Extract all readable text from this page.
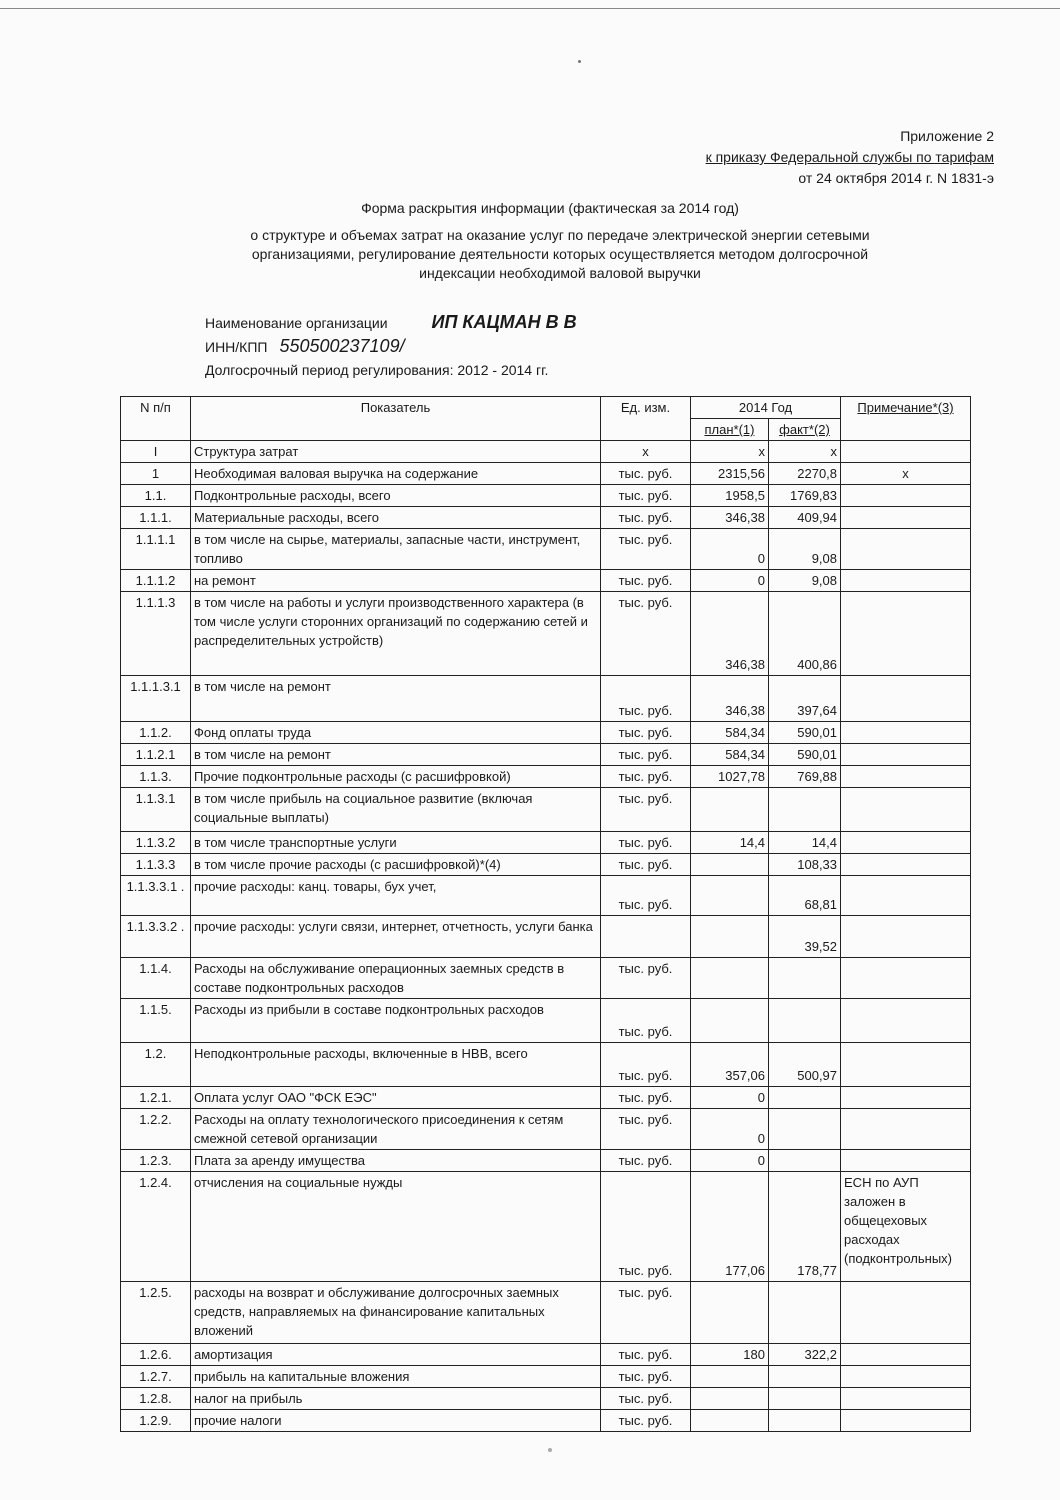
Приложение 2
к приказу Федеральной службы по тарифам
от 24 октября 2014 г. N 1831-э
Форма раскрытия информации (фактическая за 2014 год)
о структуре и объемах затрат на оказание услуг по передаче электрической энергии сетевыми
организациями, регулирование деятельности которых осуществляется методом долгосрочной
индексации необходимой валовой выручки
Наименование организации ИП КАЦМАН В В
ИНН/КПП 550500237109/
Долгосрочный период регулирования: 2012 - 2014 гг.
N п/п	Показатель	Ед. изм.	2014 Год		Примечание*(3)
			план*(1)	факт*(2)	
I	Структура затрат	х	х	х	
1	Необходимая валовая выручка на содержание	тыс. руб.	2315,56	2270,8	х
1.1.	Подконтрольные расходы, всего	тыс. руб.	1958,5	1769,83	
1.1.1.	Материальные расходы, всего	тыс. руб.	346,38	409,94	
1.1.1.1	в том числе на сырье, материалы, запасные части, инструмент, топливо	тыс. руб.	0	9,08	
1.1.1.2	на ремонт	тыс. руб.	0	9,08	
1.1.1.3	в том числе на работы и услуги производственного характера (в том числе услуги сторонних организаций по содержанию сетей и распределительных устройств)	тыс. руб.	346,38	400,86	
1.1.1.3.1	в том числе на ремонт	тыс. руб.	346,38	397,64	
1.1.2.	Фонд оплаты труда	тыс. руб.	584,34	590,01	
1.1.2.1	в том числе на ремонт	тыс. руб.	584,34	590,01	
1.1.3.	Прочие подконтрольные расходы (с расшифровкой)	тыс. руб.	1027,78	769,88	
1.1.3.1	в том числе прибыль на социальное развитие (включая социальные выплаты)	тыс. руб.			
1.1.3.2	в том числе транспортные услуги	тыс. руб.	14,4	14,4	
1.1.3.3	в том числе прочие расходы (с расшифровкой)*(4)	тыс. руб.		108,33	
1.1.3.3.1 .	прочие расходы: канц. товары, бух учет,	тыс. руб.		68,81	
1.1.3.3.2 .	прочие расходы: услуги связи, интернет, отчетность, услуги банка			39,52	
1.1.4.	Расходы на обслуживание операционных заемных средств в составе подконтрольных расходов	тыс. руб.			
1.1.5.	Расходы из прибыли в составе подконтрольных расходов	тыс. руб.			
1.2.	Неподконтрольные расходы, включенные в НВВ, всего	тыс. руб.	357,06	500,97	
1.2.1.	Оплата услуг ОАО "ФСК ЕЭС"	тыс. руб.	0		
1.2.2.	Расходы на оплату технологического присоединения к сетям смежной сетевой организации	тыс. руб.	0		
1.2.3.	Плата за аренду имущества	тыс. руб.	0		
1.2.4.	отчисления на социальные нужды	тыс. руб.	177,06	178,77	ЕСН по АУП заложен в общецеховых расходах (подконтрольных)
1.2.5.	расходы на возврат и обслуживание долгосрочных заемных средств, направляемых на финансирование капитальных вложений	тыс. руб.			
1.2.6.	амортизация	тыс. руб.	180	322,2	
1.2.7.	прибыль на капитальные вложения	тыс. руб.			
1.2.8.	налог на прибыль	тыс. руб.			
1.2.9.	прочие налоги	тыс. руб.			
